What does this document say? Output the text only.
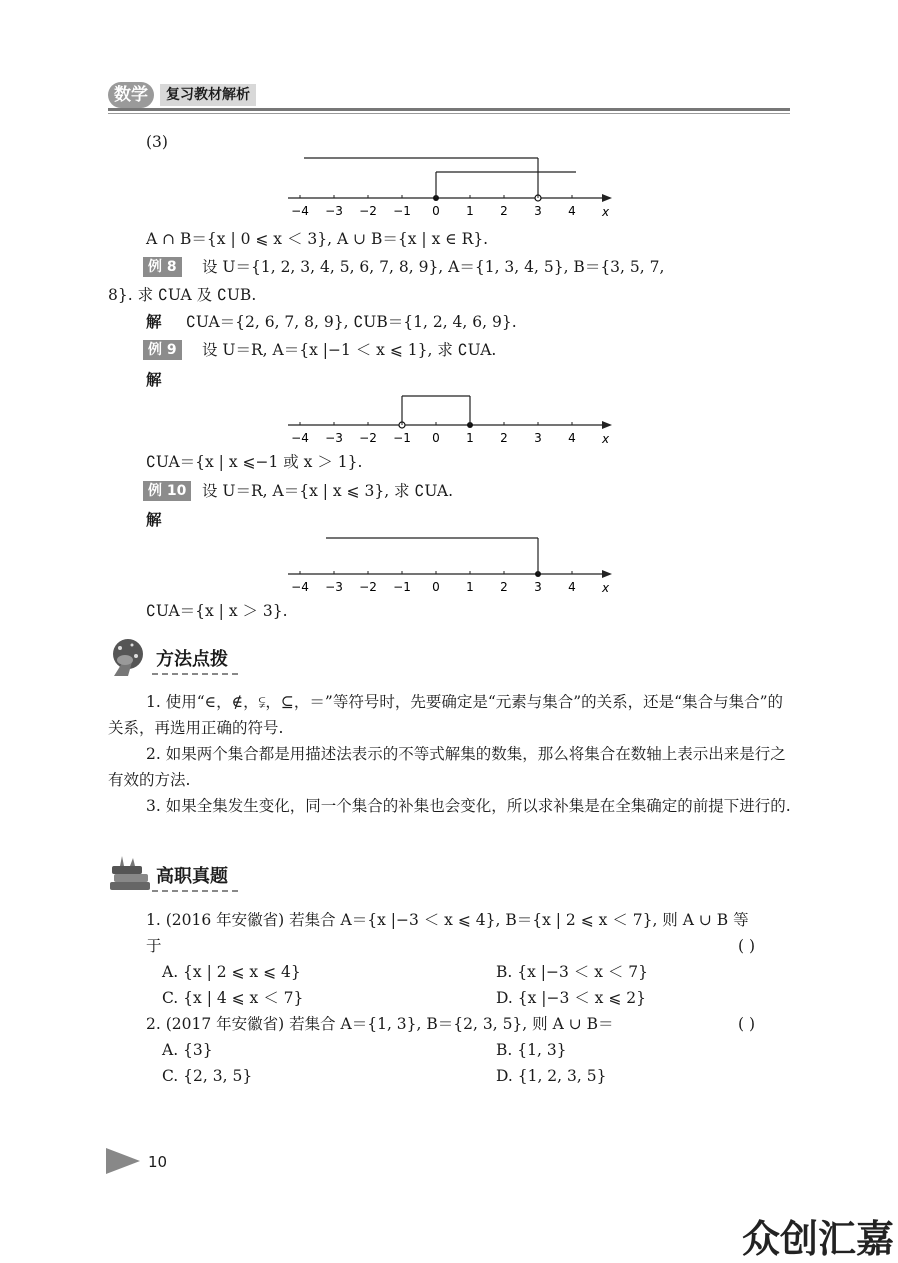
数学	复习教材解析
(3)
−4 −3 −2 −1 0 1 2 3 4 x
A ∩ B＝{x | 0 ⩽ x ＜ 3}, A ∪ B＝{x | x ∈ R}.
例 8	设 U＝{1, 2, 3, 4, 5, 6, 7, 8, 9}, A＝{1, 3, 4, 5}, B＝{3, 5, 7,
8}. 求 ∁UA 及 ∁UB.
解 ∁UA＝{2, 6, 7, 8, 9}, ∁UB＝{1, 2, 4, 6, 9}.
例 9	设 U＝R, A＝{x |−1 ＜ x ⩽ 1}, 求 ∁UA.
解
−4 −3 −2 −1 0 1 2 3 4 x
∁UA＝{x | x ⩽−1 或 x ＞ 1}.
例 10	设 U＝R, A＝{x | x ⩽ 3}, 求 ∁UA.
解
−4 −3 −2 −1 0 1 2 3 4 x
∁UA＝{x | x ＞ 3}.
方法点拨
1. 使用“∈，∉，⫋，⊆，＝”等符号时，先要确定是“元素与集合”的关系，还是“集合与集合”的关系，再选用正确的符号.
2. 如果两个集合都是用描述法表示的不等式解集的数集，那么将集合在数轴上表示出来是行之有效的方法.
3. 如果全集发生变化，同一个集合的补集也会变化，所以求补集是在全集确定的前提下进行的.
高职真题
1. (2016 年安徽省) 若集合 A＝{x |−3 ＜ x ⩽ 4}, B＝{x | 2 ⩽ x ＜ 7}, 则 A ∪ B 等
于	( )
A. {x | 2 ⩽ x ⩽ 4}	B. {x |−3 ＜ x ＜ 7}
C. {x | 4 ⩽ x ＜ 7}	D. {x |−3 ＜ x ⩽ 2}
2. (2017 年安徽省) 若集合 A＝{1, 3}, B＝{2, 3, 5}, 则 A ∪ B＝	( )
A. {3}	B. {1, 3}
C. {2, 3, 5}	D. {1, 2, 3, 5}
10
众创汇嘉
